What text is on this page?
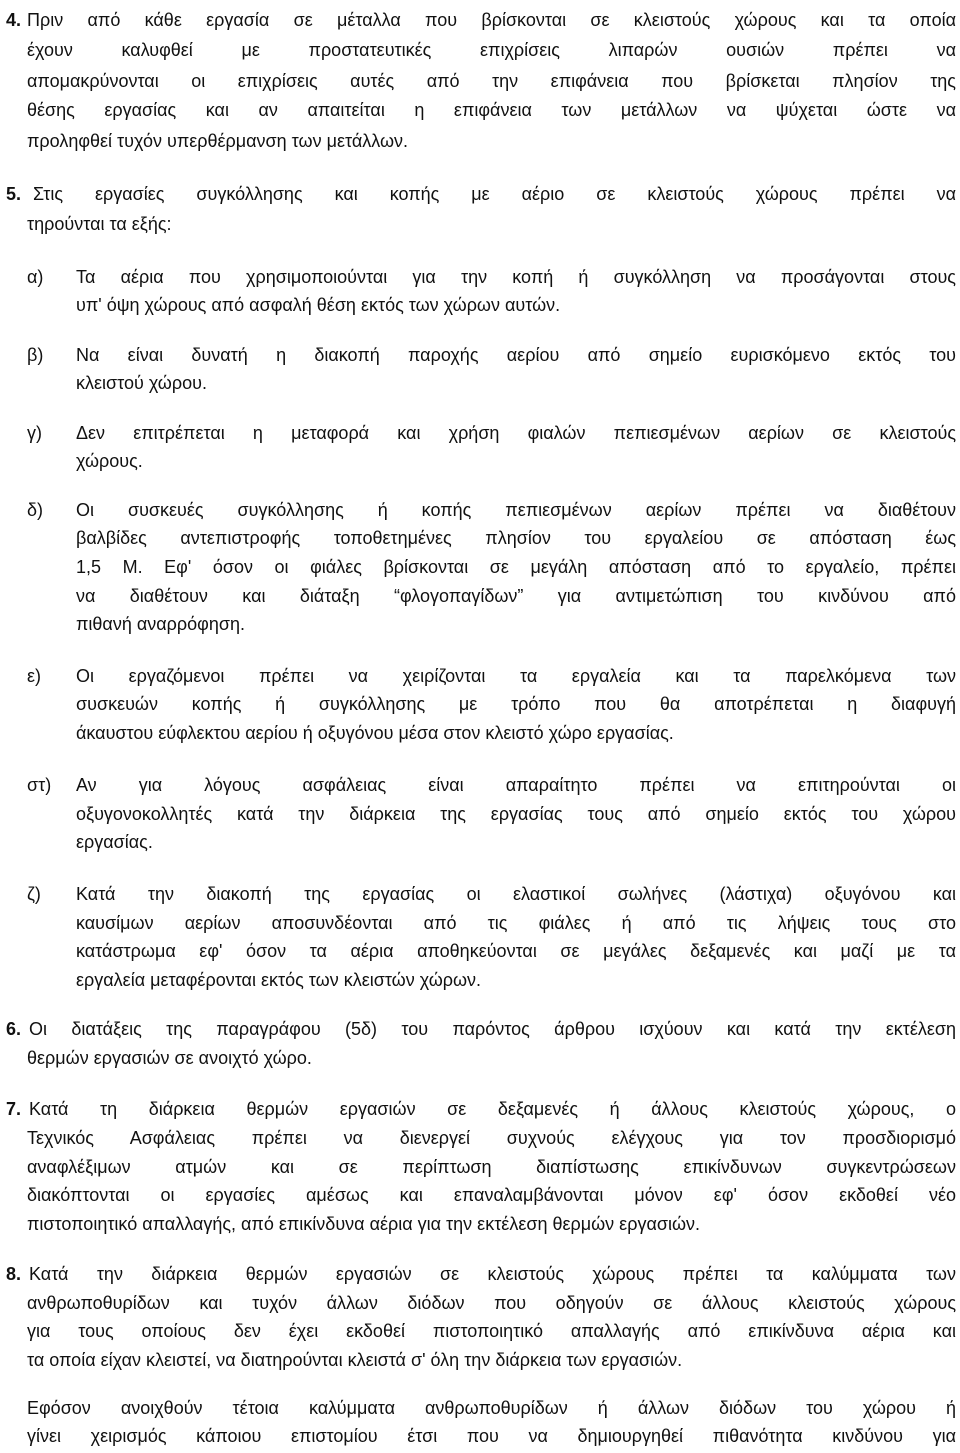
4. Πριν από κάθε εργασία σε μέταλλα που βρίσκονται σε κλειστούς χώρους και τα οποία
έχουν καλυφθεί με προστατευτικές επιχρίσεις λιπαρών ουσιών πρέπει να
απομακρύνονται οι επιχρίσεις αυτές από την επιφάνεια που βρίσκεται πλησίον της
θέσης εργασίας και αν απαιτείται η επιφάνεια των μετάλλων να ψύχεται ώστε να
προληφθεί τυχόν υπερθέρμανση των μετάλλων.
5. Στις εργασίες συγκόλλησης και κοπής με αέριο σε κλειστούς χώρους πρέπει να
τηρούνται τα εξής:
α) Τα αέρια που χρησιμοποιούνται για την κοπή ή συγκόλληση να προσάγονται στους
υπ' όψη χώρους από ασφαλή θέση εκτός των χώρων αυτών.
β) Να είναι δυνατή η διακοπή παροχής αερίου από σημείο ευρισκόμενο εκτός του
κλειστού χώρου.
γ) Δεν επιτρέπεται η μεταφορά και χρήση φιαλών πεπιεσμένων αερίων σε κλειστούς
χώρους.
δ) Οι συσκευές συγκόλλησης ή κοπής πεπιεσμένων αερίων πρέπει να διαθέτουν
βαλβίδες αντεπιστροφής τοποθετημένες πλησίον του εργαλείου σε απόσταση έως
1,5 Μ. Εφ' όσον οι φιάλες βρίσκονται σε μεγάλη απόσταση από το εργαλείο, πρέπει
να διαθέτουν και διάταξη “φλογοπαγίδων” για αντιμετώπιση του κινδύνου από
πιθανή αναρρόφηση.
ε) Οι εργαζόμενοι πρέπει να χειρίζονται τα εργαλεία και τα παρελκόμενα των
συσκευών κοπής ή συγκόλλησης με τρόπο που θα αποτρέπεται η διαφυγή
άκαυστου εύφλεκτου αερίου ή οξυγόνου μέσα στον κλειστό χώρο εργασίας.
στ) Αν για λόγους ασφάλειας είναι απαραίτητο πρέπει να επιτηρούνται οι
οξυγονοκολλητές κατά την διάρκεια της εργασίας τους από σημείο εκτός του χώρου
εργασίας.
ζ) Κατά την διακοπή της εργασίας οι ελαστικοί σωλήνες (λάστιχα) οξυγόνου και
καυσίμων αερίων αποσυνδέονται από τις φιάλες ή από τις λήψεις τους στο
κατάστρωμα εφ' όσον τα αέρια αποθηκεύονται σε μεγάλες δεξαμενές και μαζί με τα
εργαλεία μεταφέρονται εκτός των κλειστών χώρων.
6. Οι διατάξεις της παραγράφου (5δ) του παρόντος άρθρου ισχύουν και κατά την εκτέλεση
θερμών εργασιών σε ανοιχτό χώρο.
7. Κατά τη διάρκεια θερμών εργασιών σε δεξαμενές ή άλλους κλειστούς χώρους, ο
Τεχνικός Ασφάλειας πρέπει να διενεργεί συχνούς ελέγχους για τον προσδιορισμό
αναφλέξιμων ατμών και σε περίπτωση διαπίστωσης επικίνδυνων συγκεντρώσεων
διακόπτονται οι εργασίες αμέσως και επαναλαμβάνονται μόνον εφ' όσον εκδοθεί νέο
πιστοποιητικό απαλλαγής, από επικίνδυνα αέρια για την εκτέλεση θερμών εργασιών.
8. Κατά την διάρκεια θερμών εργασιών σε κλειστούς χώρους πρέπει τα καλύμματα των
ανθρωποθυρίδων και τυχόν άλλων διόδων που οδηγούν σε άλλους κλειστούς χώρους
για τους οποίους δεν έχει εκδοθεί πιστοποιητικό απαλλαγής από επικίνδυνα αέρια και
τα οποία είχαν κλειστεί, να διατηρούνται κλειστά σ' όλη την διάρκεια των εργασιών.
Εφόσον ανοιχθούν τέτοια καλύμματα ανθρωποθυρίδων ή άλλων διόδων του χώρου ή
γίνει χειρισμός κάποιου επιστομίου έτσι που να δημιουργηθεί πιθανότητα κινδύνου για
